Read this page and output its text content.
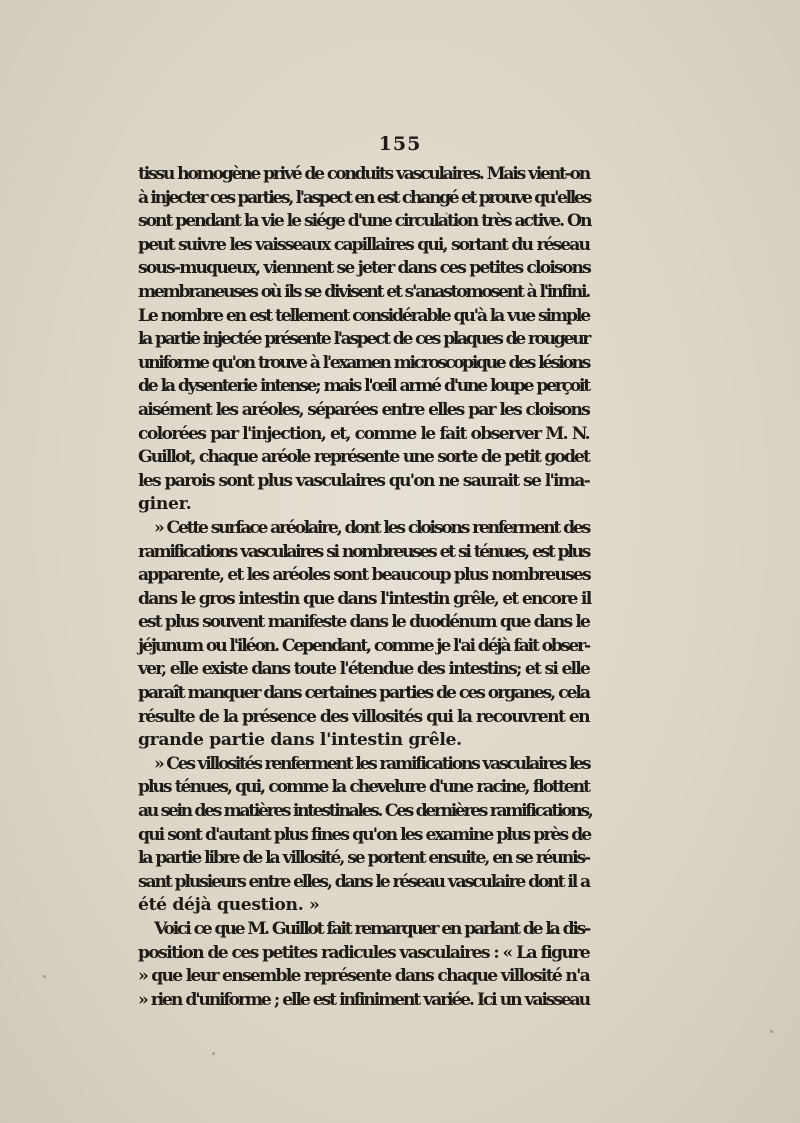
155
tissu homogène privé de conduits vasculaires. Mais vient-on
à injecter ces parties, l'aspect en est changé et prouve qu'elles
sont pendant la vie le siége d'une circulation très active. On
peut suivre les vaisseaux capillaires qui, sortant du réseau
sous-muqueux, viennent se jeter dans ces petites cloisons
membraneuses où ils se divisent et s'anastomosent à l'infini.
Le nombre en est tellement considérable qu'à la vue simple
la partie injectée présente l'aspect de ces plaques de rougeur
uniforme qu'on trouve à l'examen microscopique des lésions
de la dysenterie intense; mais l'œil armé d'une loupe perçoit
aisément les aréoles, séparées entre elles par les cloisons
colorées par l'injection, et, comme le fait observer M. N.
Guillot, chaque aréole représente une sorte de petit godet
les parois sont plus vasculaires qu'on ne saurait se l'ima-
giner.
» Cette surface aréolaire, dont les cloisons renferment des
ramifications vasculaires si nombreuses et si ténues, est plus
apparente, et les aréoles sont beaucoup plus nombreuses
dans le gros intestin que dans l'intestin grêle, et encore il
est plus souvent manifeste dans le duodénum que dans le
jéjunum ou l'iléon. Cependant, comme je l'ai déjà fait obser-
ver, elle existe dans toute l'étendue des intestins; et si elle
paraît manquer dans certaines parties de ces organes, cela
résulte de la présence des villosités qui la recouvrent en
grande partie dans l'intestin grêle.
» Ces villosités renferment les ramifications vasculaires les
plus ténues, qui, comme la chevelure d'une racine, flottent
au sein des matières intestinales. Ces dernières ramifications,
qui sont d'autant plus fines qu'on les examine plus près de
la partie libre de la villosité, se portent ensuite, en se réunis-
sant plusieurs entre elles, dans le réseau vasculaire dont il a
été déjà question. »
Voici ce que M. Guillot fait remarquer en parlant de la dis-
position de ces petites radicules vasculaires : « La figure
» que leur ensemble représente dans chaque villosité n'a
» rien d'uniforme ; elle est infiniment variée. Ici un vaisseau
